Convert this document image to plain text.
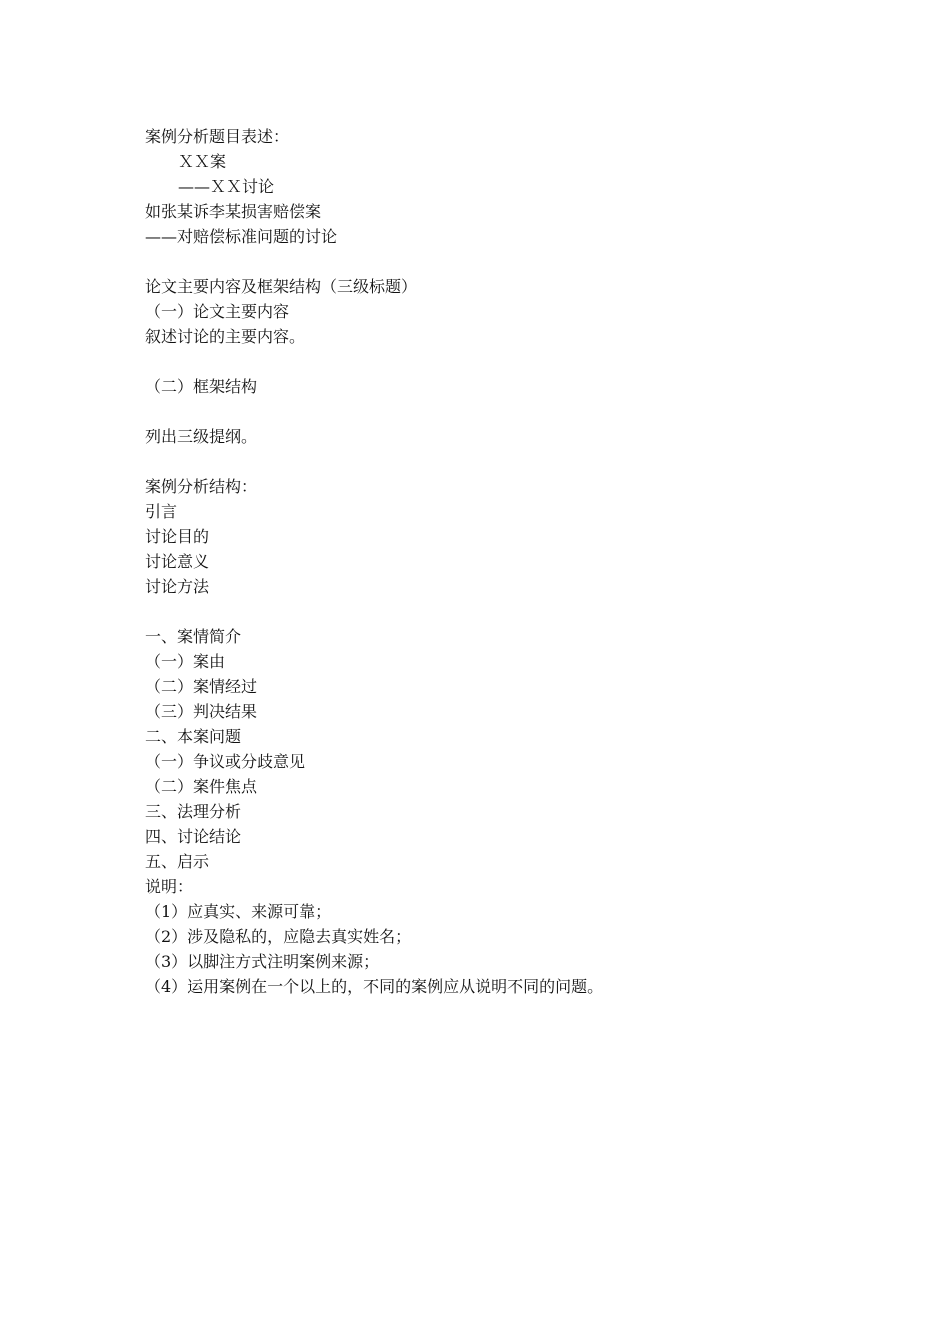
案例分析题目表述：
ＸＸ案
——ＸＸ讨论
如张某诉李某损害赔偿案
——对赔偿标准问题的讨论
论文主要内容及框架结构（三级标题）
（一）论文主要内容
叙述讨论的主要内容。
（二）框架结构
列出三级提纲。
案例分析结构：
引言
讨论目的
讨论意义
讨论方法
一、案情简介
（一）案由
（二）案情经过
（三）判决结果
二、本案问题
（一）争议或分歧意见
（二）案件焦点
三、法理分析
四、讨论结论
五、启示
说明：
（1）应真实、来源可靠；
（2）涉及隐私的，应隐去真实姓名；
（3）以脚注方式注明案例来源；
（4）运用案例在一个以上的，不同的案例应从说明不同的问题。
